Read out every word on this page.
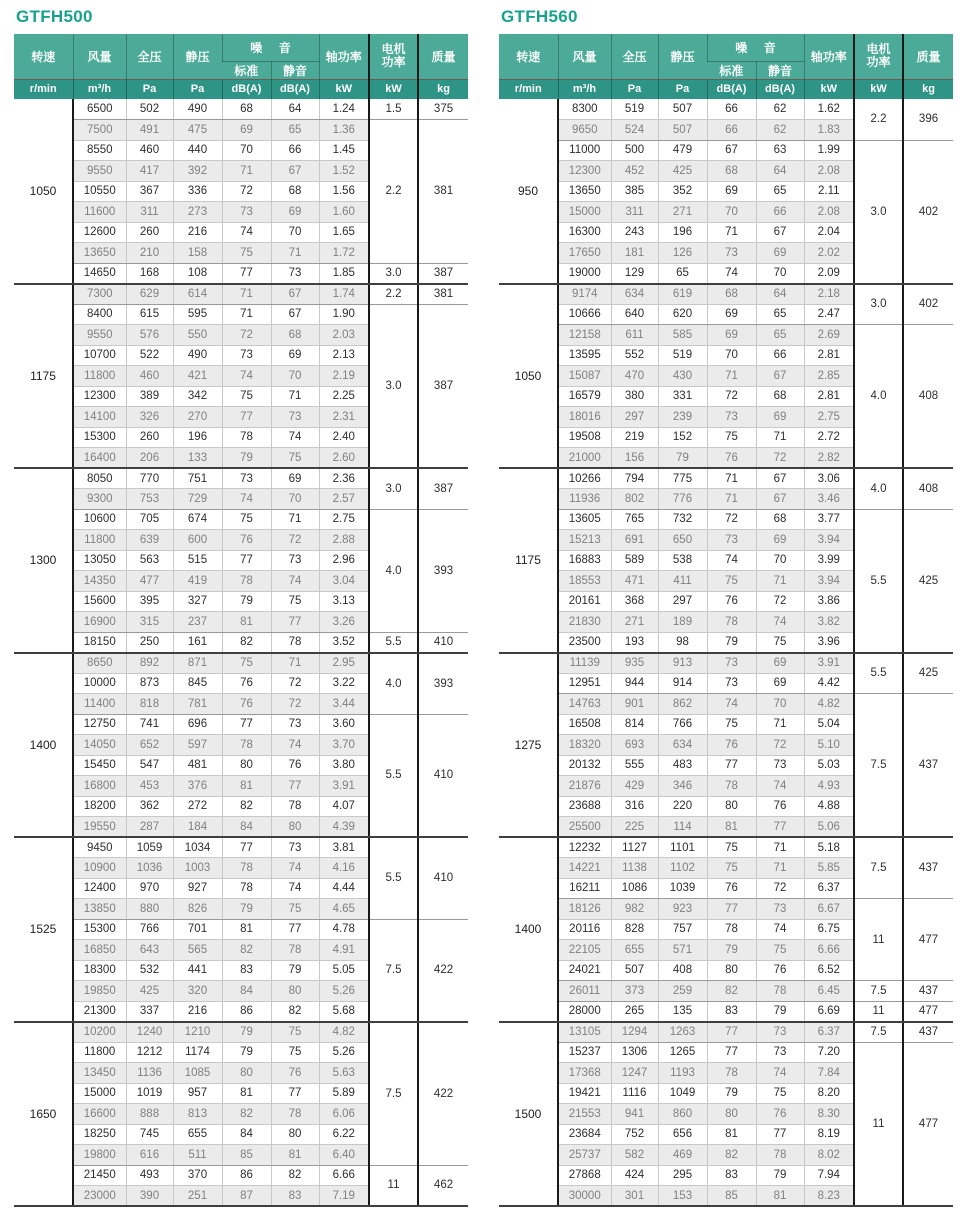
GTFH500
转速	风量	全压	静压	噪 音		轴功率	电机
功率	质量
				标准	静音			
r/min	m³/h	Pa	Pa	dB(A)	dB(A)	kW	kW	kg
1050	6500	502	490	68	64	1.24	1.5	375
	7500	491	475	69	65	1.36	2.2	381
	8550	460	440	70	66	1.45		
	9550	417	392	71	67	1.52		
	10550	367	336	72	68	1.56		
	11600	311	273	73	69	1.60		
	12600	260	216	74	70	1.65		
	13650	210	158	75	71	1.72		
	14650	168	108	77	73	1.85	3.0	387
1175	7300	629	614	71	67	1.74	2.2	381
	8400	615	595	71	67	1.90	3.0	387
	9550	576	550	72	68	2.03		
	10700	522	490	73	69	2.13		
	11800	460	421	74	70	2.19		
	12300	389	342	75	71	2.25		
	14100	326	270	77	73	2.31		
	15300	260	196	78	74	2.40		
	16400	206	133	79	75	2.60		
1300	8050	770	751	73	69	2.36	3.0	387
	9300	753	729	74	70	2.57		
	10600	705	674	75	71	2.75	4.0	393
	11800	639	600	76	72	2.88		
	13050	563	515	77	73	2.96		
	14350	477	419	78	74	3.04		
	15600	395	327	79	75	3.13		
	16900	315	237	81	77	3.26		
	18150	250	161	82	78	3.52	5.5	410
1400	8650	892	871	75	71	2.95	4.0	393
	10000	873	845	76	72	3.22		
	11400	818	781	76	72	3.44		
	12750	741	696	77	73	3.60	5.5	410
	14050	652	597	78	74	3.70		
	15450	547	481	80	76	3.80		
	16800	453	376	81	77	3.91		
	18200	362	272	82	78	4.07		
	19550	287	184	84	80	4.39		
1525	9450	1059	1034	77	73	3.81	5.5	410
	10900	1036	1003	78	74	4.16		
	12400	970	927	78	74	4.44		
	13850	880	826	79	75	4.65		
	15300	766	701	81	77	4.78	7.5	422
	16850	643	565	82	78	4.91		
	18300	532	441	83	79	5.05		
	19850	425	320	84	80	5.26		
	21300	337	216	86	82	5.68		
1650	10200	1240	1210	79	75	4.82	7.5	422
	11800	1212	1174	79	75	5.26		
	13450	1136	1085	80	76	5.63		
	15000	1019	957	81	77	5.89		
	16600	888	813	82	78	6.06		
	18250	745	655	84	80	6.22		
	19800	616	511	85	81	6.40		
	21450	493	370	86	82	6.66	11	462
	23000	390	251	87	83	7.19		
GTFH560
转速	风量	全压	静压	噪 音		轴功率	电机
功率	质量
				标准	静音			
r/min	m³/h	Pa	Pa	dB(A)	dB(A)	kW	kW	kg
950	8300	519	507	66	62	1.62	2.2	396
	9650	524	507	66	62	1.83		
	11000	500	479	67	63	1.99	3.0	402
	12300	452	425	68	64	2.08		
	13650	385	352	69	65	2.11		
	15000	311	271	70	66	2.08		
	16300	243	196	71	67	2.04		
	17650	181	126	73	69	2.02		
	19000	129	65	74	70	2.09		
1050	9174	634	619	68	64	2.18	3.0	402
	10666	640	620	69	65	2.47		
	12158	611	585	69	65	2.69	4.0	408
	13595	552	519	70	66	2.81		
	15087	470	430	71	67	2.85		
	16579	380	331	72	68	2.81		
	18016	297	239	73	69	2.75		
	19508	219	152	75	71	2.72		
	21000	156	79	76	72	2.82		
1175	10266	794	775	71	67	3.06	4.0	408
	11936	802	776	71	67	3.46		
	13605	765	732	72	68	3.77	5.5	425
	15213	691	650	73	69	3.94		
	16883	589	538	74	70	3.99		
	18553	471	411	75	71	3.94		
	20161	368	297	76	72	3.86		
	21830	271	189	78	74	3.82		
	23500	193	98	79	75	3.96		
1275	11139	935	913	73	69	3.91	5.5	425
	12951	944	914	73	69	4.42		
	14763	901	862	74	70	4.82	7.5	437
	16508	814	766	75	71	5.04		
	18320	693	634	76	72	5.10		
	20132	555	483	77	73	5.03		
	21876	429	346	78	74	4.93		
	23688	316	220	80	76	4.88		
	25500	225	114	81	77	5.06		
1400	12232	1127	1101	75	71	5.18	7.5	437
	14221	1138	1102	75	71	5.85		
	16211	1086	1039	76	72	6.37		
	18126	982	923	77	73	6.67	11	477
	20116	828	757	78	74	6.75		
	22105	655	571	79	75	6.66		
	24021	507	408	80	76	6.52		
	26011	373	259	82	78	6.45	7.5	437
	28000	265	135	83	79	6.69	11	477
1500	13105	1294	1263	77	73	6.37	7.5	437
	15237	1306	1265	77	73	7.20	11	477
	17368	1247	1193	78	74	7.84		
	19421	1116	1049	79	75	8.20		
	21553	941	860	80	76	8.30		
	23684	752	656	81	77	8.19		
	25737	582	469	82	78	8.02		
	27868	424	295	83	79	7.94		
	30000	301	153	85	81	8.23		
